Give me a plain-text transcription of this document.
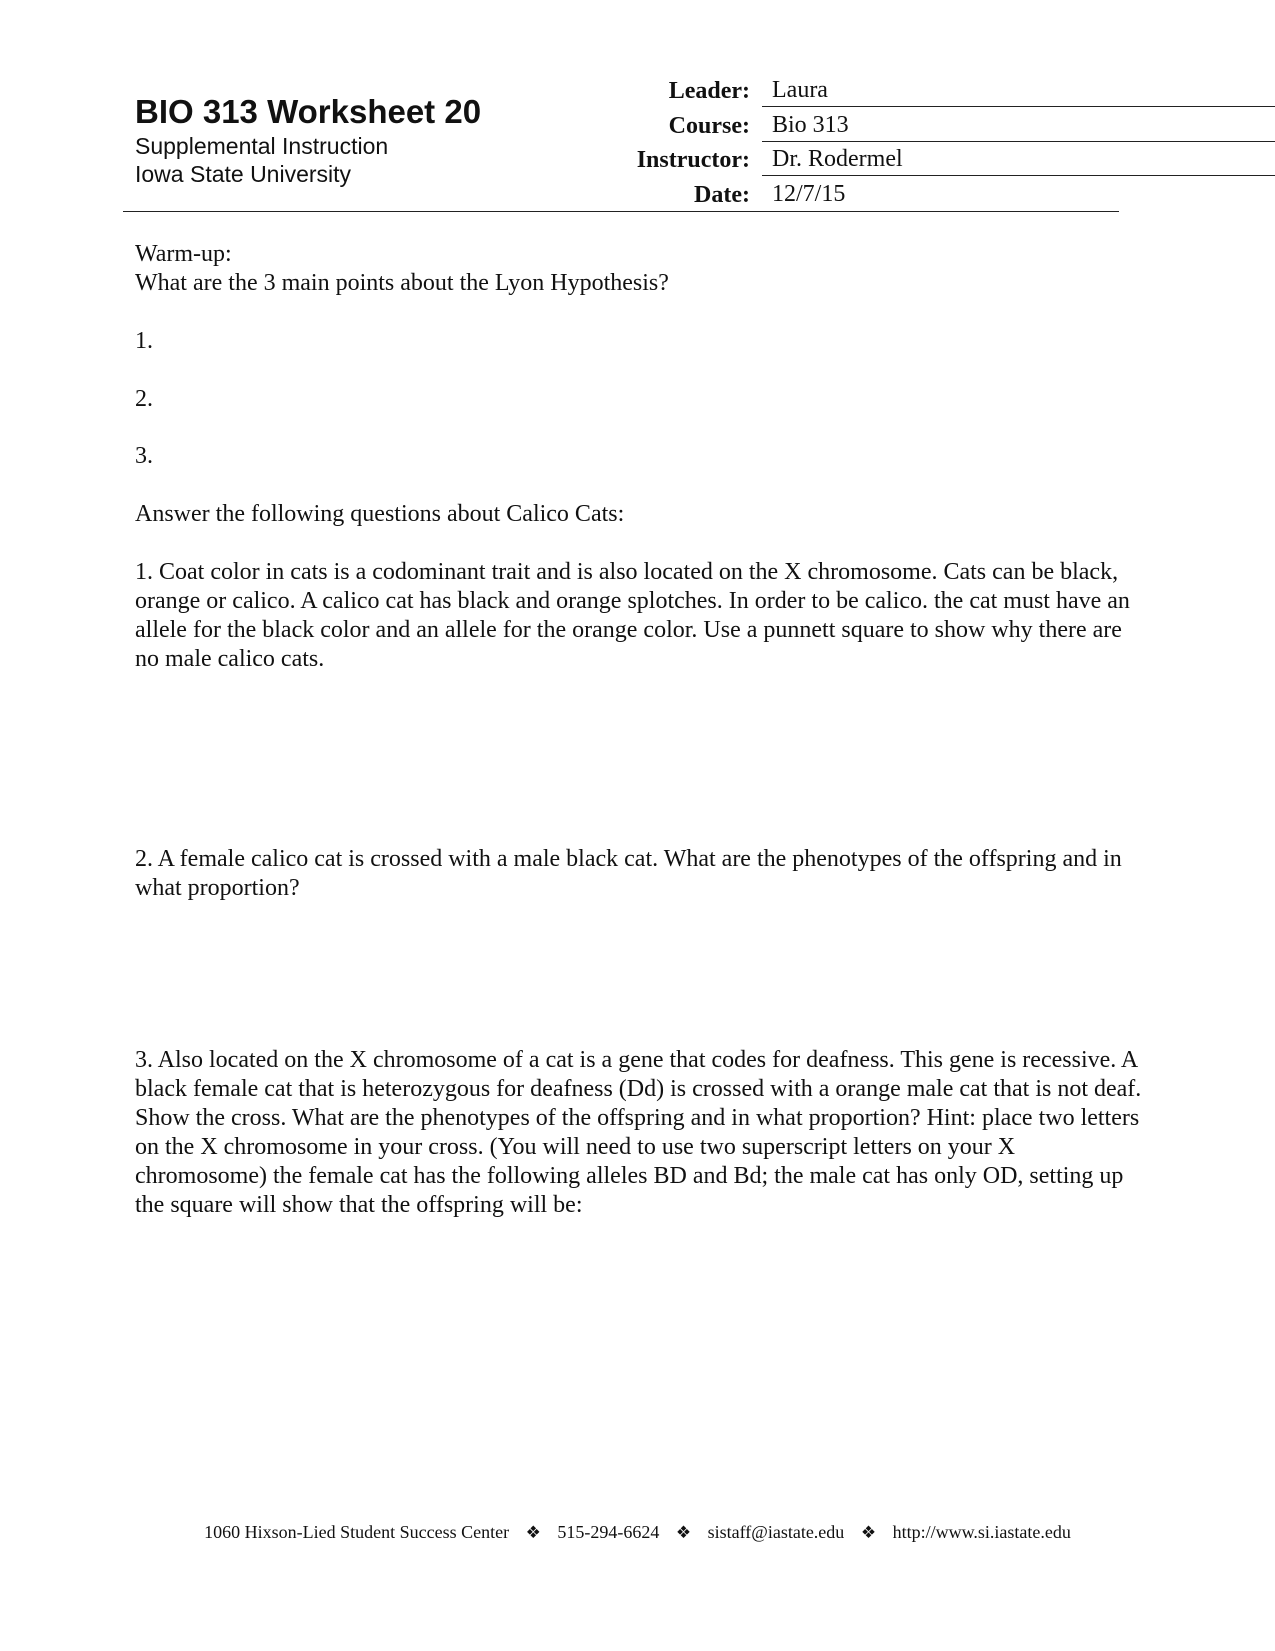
BIO 313 Worksheet 20
Supplemental Instruction
Iowa State University
Leader: Laura
Course: Bio 313
Instructor: Dr. Rodermel
Date: 12/7/15
Warm-up:
What are the 3 main points about the Lyon Hypothesis?
1.
2.
3.
Answer the following questions about Calico Cats:
1. Coat color in cats is a codominant trait and is also located on the X chromosome. Cats can be black, orange or calico. A calico cat has black and orange splotches. In order to be calico. the cat must have an allele for the black color and an allele for the orange color. Use a punnett square to show why there are no male calico cats.
2. A female calico cat is crossed with a male black cat. What are the phenotypes of the offspring and in what proportion?
3. Also located on the X chromosome of a cat is a gene that codes for deafness. This gene is recessive. A black female cat that is heterozygous for deafness (Dd) is crossed with a orange male cat that is not deaf. Show the cross. What are the phenotypes of the offspring and in what proportion? Hint: place two letters on the X chromosome in your cross. (You will need to use two superscript letters on your X chromosome) the female cat has the following alleles BD and Bd; the male cat has only OD, setting up the square will show that the offspring will be:
1060 Hixson-Lied Student Success Center ❖ 515-294-6624 ❖ sistaff@iastate.edu ❖ http://www.si.iastate.edu
